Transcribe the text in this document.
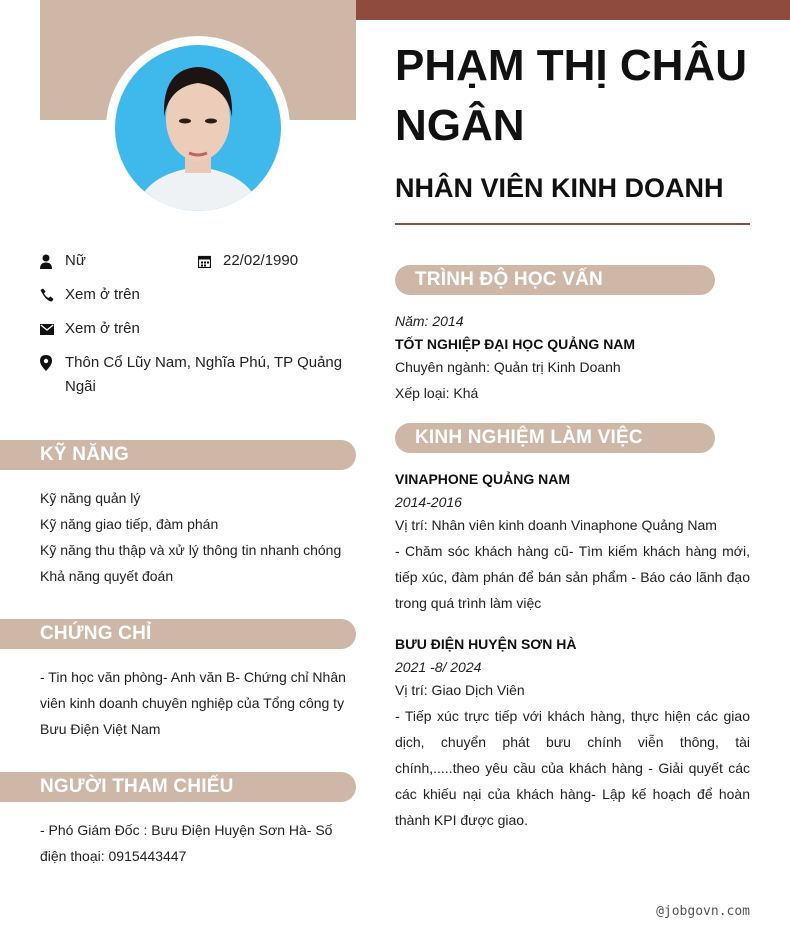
Nữ	22/02/1990
Xem ở trên
Xem ở trên
Thôn Cổ Lũy Nam, Nghĩa Phú, TP Quảng Ngãi
KỸ NĂNG
Kỹ năng quản lý
Kỹ năng giao tiếp, đàm phán
Kỹ năng thu thập và xử lý thông tin nhanh chóng
Khả năng quyết đoán
CHỨNG CHỈ
- Tin học văn phòng- Anh văn B- Chứng chỉ Nhân viên kinh doanh chuyên nghiệp của Tổng công ty Bưu Điện Việt Nam
NGƯỜI THAM CHIẾU
- Phó Giám Đốc : Bưu Điện Huyện Sơn Hà- Số điện thoại: 0915443447
PHẠM THỊ CHÂU NGÂN
NHÂN VIÊN KINH DOANH
TRÌNH ĐỘ HỌC VẤN
Năm: 2014
TỐT NGHIỆP ĐẠI HỌC QUẢNG NAM
Chuyên ngành: Quản trị Kinh Doanh
Xếp loại: Khá
KINH NGHIỆM LÀM VIỆC
VINAPHONE QUẢNG NAM
2014-2016
Vị trí: Nhân viên kinh doanh Vinaphone Quảng Nam
- Chăm sóc khách hàng cũ- Tìm kiếm khách hàng mới, tiếp xúc, đàm phán để bán sản phẩm - Báo cáo lãnh đạo trong quá trình làm việc
BƯU ĐIỆN HUYỆN SƠN HÀ
2021 -8/ 2024
Vị trí: Giao Dịch Viên
- Tiếp xúc trực tiếp với khách hàng, thực hiện các giao dịch, chuyển phát bưu chính viễn thông, tài chính,.....theo yêu cầu của khách hàng - Giải quyết các các khiếu nại của khách hàng- Lập kế hoạch để hoàn thành KPI được giao.
@jobgovn.com
